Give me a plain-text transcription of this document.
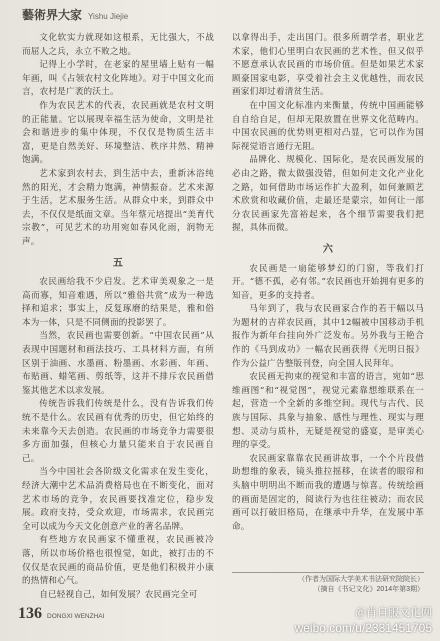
藝術界大家 Yishu Jiejie

文化软实力就现如这根系，无比强大，不战而屈人之兵，永立不败之地。

记得上小学时，在老家的屋里墙上贴有一幅年画，叫《占领农村文化阵地》。对于中国文化而言，农村是广袤的沃土。

作为农民艺术的代表，农民画就是农村文明的正能量。它以展现幸福生活为使命，文明是社会和谐进步的集中体现，不仅仅是物质生活丰富，更是自然美好、环境整洁、秩序井然、精神饱满。

艺术家到农村去，到生活中去，重新沐浴纯然的阳光，才会精力饱满，神情振奋。艺术来源于生活，艺术服务生活。从群众中来，到群众中去，不仅仅是纸面文章。当年蔡元培提出“美育代宗教”，可见艺术的功用宛如春风化雨，润物无声。

五

农民画给我不少启发。艺术审美观象之一是高而寡，知音难遇，所以“雅俗共赏”成为一种选择和追求；事实上，反复琢磨的结果是，雅和俗本为一体，只是不同侧面的投影罢了。

当然，农民画也需要创新。“中国农民画”从表现中国题材和画法技巧、工具材料方面，有所区别于油画、水墨画、粉墨画、水彩画、年画、布贴画、蜡笔画、剪纸等，这并不排斥农民画借鉴其他艺术以求发展。

传统告诉我们传统是什么，没有告诉我们传统不是什么。农民画有优秀的历史，但它始终的未来靠今天去创造。农民画的市场竞争力需要很多方面加强，但核心力量只能来自于农民画自己。

当今中国社会各阶级文化需求在发生变化，经济大潮中艺术品消费格局也在不断变化，面对艺术市场的竞争，农民画要找准定位，稳步发展。政府支持，受众欢迎，市场需求，农民画完全可以成为今天文化创意产业的著名品牌。

有些地方农民画家不懂重视，农民画被冷落，所以市场价格也很惶觉，如此，被打击的不仅仅是农民画的商品价值，更是他们积极并小康的热情和心气。

自已轻视自己，如何发展？农民画完全可

以拿得出手，走出国门。很多所谓学者，职业艺术家，他们心里明白农民画的艺术性，但又似乎不愿意承认农民画的市场价值。但是如果艺术家顾豪国家电影，享受着社会主义优越性，而农民画家们却过着清贫生活。

在中国文化标准内来衡量，传统中国画能够自自给自足，但却无限放置在世界文化范畴内。中国农民画的优势则更相对凸显，它可以作为国际视觉语言通行无阻。

品牌化、规模化、国际化，是农民画发展的必由之路，微太做强没错，但如何走文化产业化之路，如何借助市场运作扩大盈利，如何兼顾艺术欣赏和收藏价值，走最还是蒙宗，如何让一部分农民画家先富裕起来，各个细节需要我们把握，具体而微。

六

农民画是一扇能够梦幻的门窗，等我们打开。“德不孤，必有邻。”农民画也开始拥有更多的知音，更多的支持者。

马年到了，我与农民画家合作的若干幅以马为题材的吉祥农民画，其中12幅被中国移动手机报作为新年台挂向外广泛发布。另外我与王艳合作的《马到成功》一幅农民画获得《光明日报》作为公益广告整版刊登，向全国人民拜年。

农民画无拘束的视觉和丰富的语言，宛如“思维画图”和“视觉图”，视觉元素靠想维联系在一起，营造一个全新的多维空间。现代与古代、民族与国际、具象与抽象、感性与理性、现实与理想、灵动与质朴，无疑是视觉的盛宴，是审美心理的享受。

农民画家靠靠农民画讲故事，一个个片段借助想维的象表，镜头推拉摇移，在读者的眼帘和头脑中明明出不断而我的遭遇与惊喜。传统绘画的画面是固定的，阅读行为也往往被动；而农民画可以打破旧格局，在继承中升华，在发展中革命。

（作者为国际大学美术书法研究院院长）
（摘自《书记文化》2014年第3期）
136 DONGXI WENZHAI	＠肖自服文化网
weibo.com/u/2331451705
